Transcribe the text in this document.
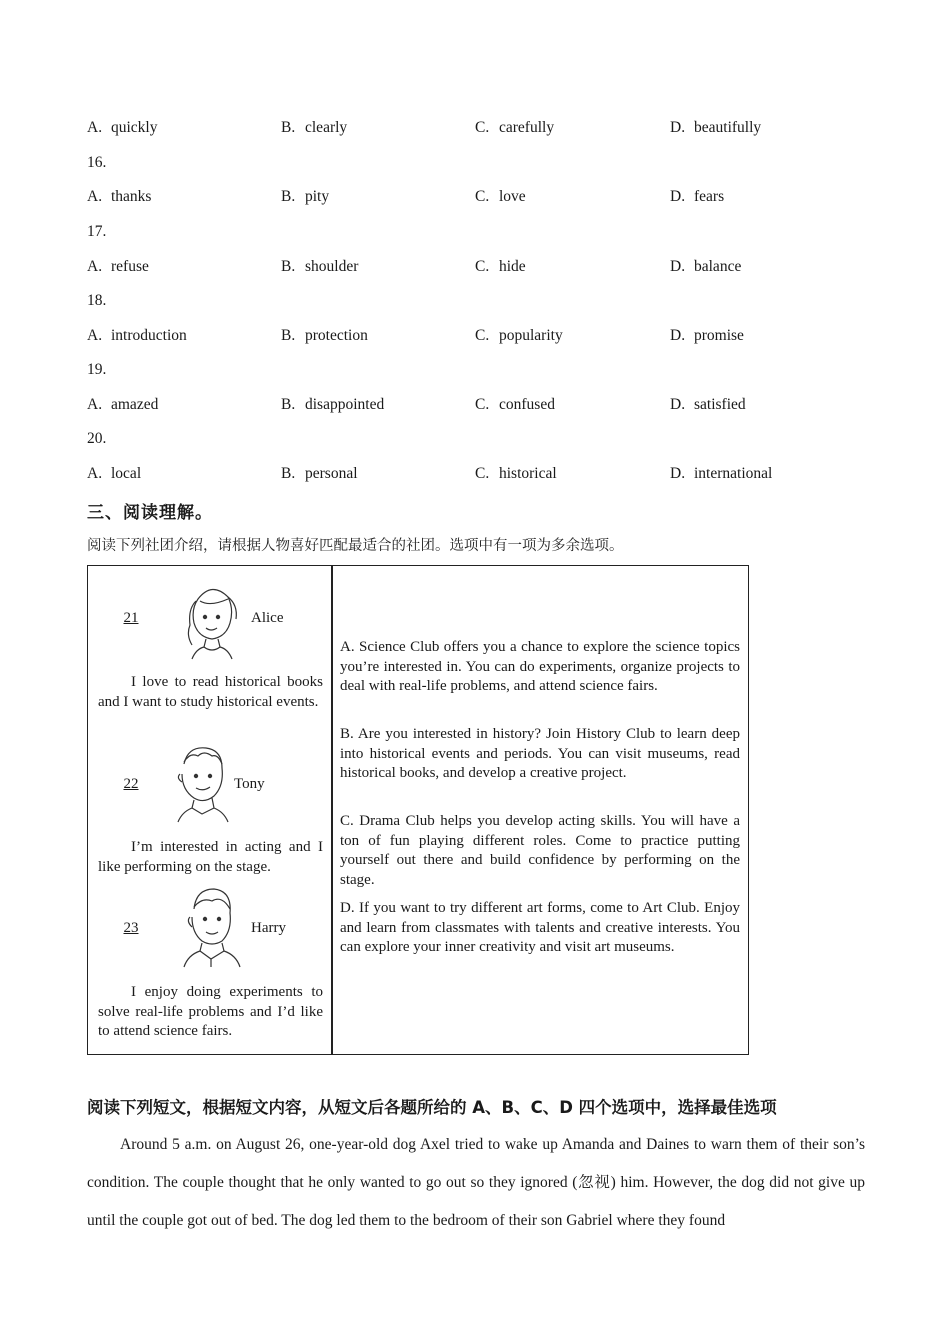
A. quickly	B. clearly	C. carefully	D. beautifully
16.
A. thanks	B. pity	C. love	D. fears
17.
A. refuse	B. shoulder	C. hide	D. balance
18.
A. introduction	B. protection	C. popularity	D. promise
19.
A. amazed	B. disappointed	C. confused	D. satisfied
20.
A. local	B. personal	C. historical	D. international
三、阅读理解。
阅读下列社团介绍，请根据人物喜好匹配最适合的社团。选项中有一项为多余选项。
21	Alice
I love to read historical books and I want to study historical events.
22	Tony
I’m interested in acting and I like performing on the stage.
23	Harry
I enjoy doing experiments to solve real-life problems and I’d like to attend science fairs.
A. Science Club offers you a chance to explore the science topics you’re interested in. You can do experiments, organize projects to deal with real-life problems, and attend science fairs.
B. Are you interested in history? Join History Club to learn deep into historical events and periods. You can visit museums, read historical books, and develop a creative project.
C. Drama Club helps you develop acting skills. You will have a ton of fun playing different roles. Come to practice putting yourself out there and build confidence by performing on the stage.
D. If you want to try different art forms, come to Art Club. Enjoy and learn from classmates with talents and creative interests. You can explore your inner creativity and visit art museums.
阅读下列短文，根据短文内容，从短文后各题所给的 A、B、C、D 四个选项中，选择最佳选项
Around 5 a.m. on August 26, one-year-old dog Axel tried to wake up Amanda and Daines to warn them of their son’s condition. The couple thought that he only wanted to go out so they ignored (忽视) him. However, the dog did not give up until the couple got out of bed. The dog led them to the bedroom of their son Gabriel where they found
